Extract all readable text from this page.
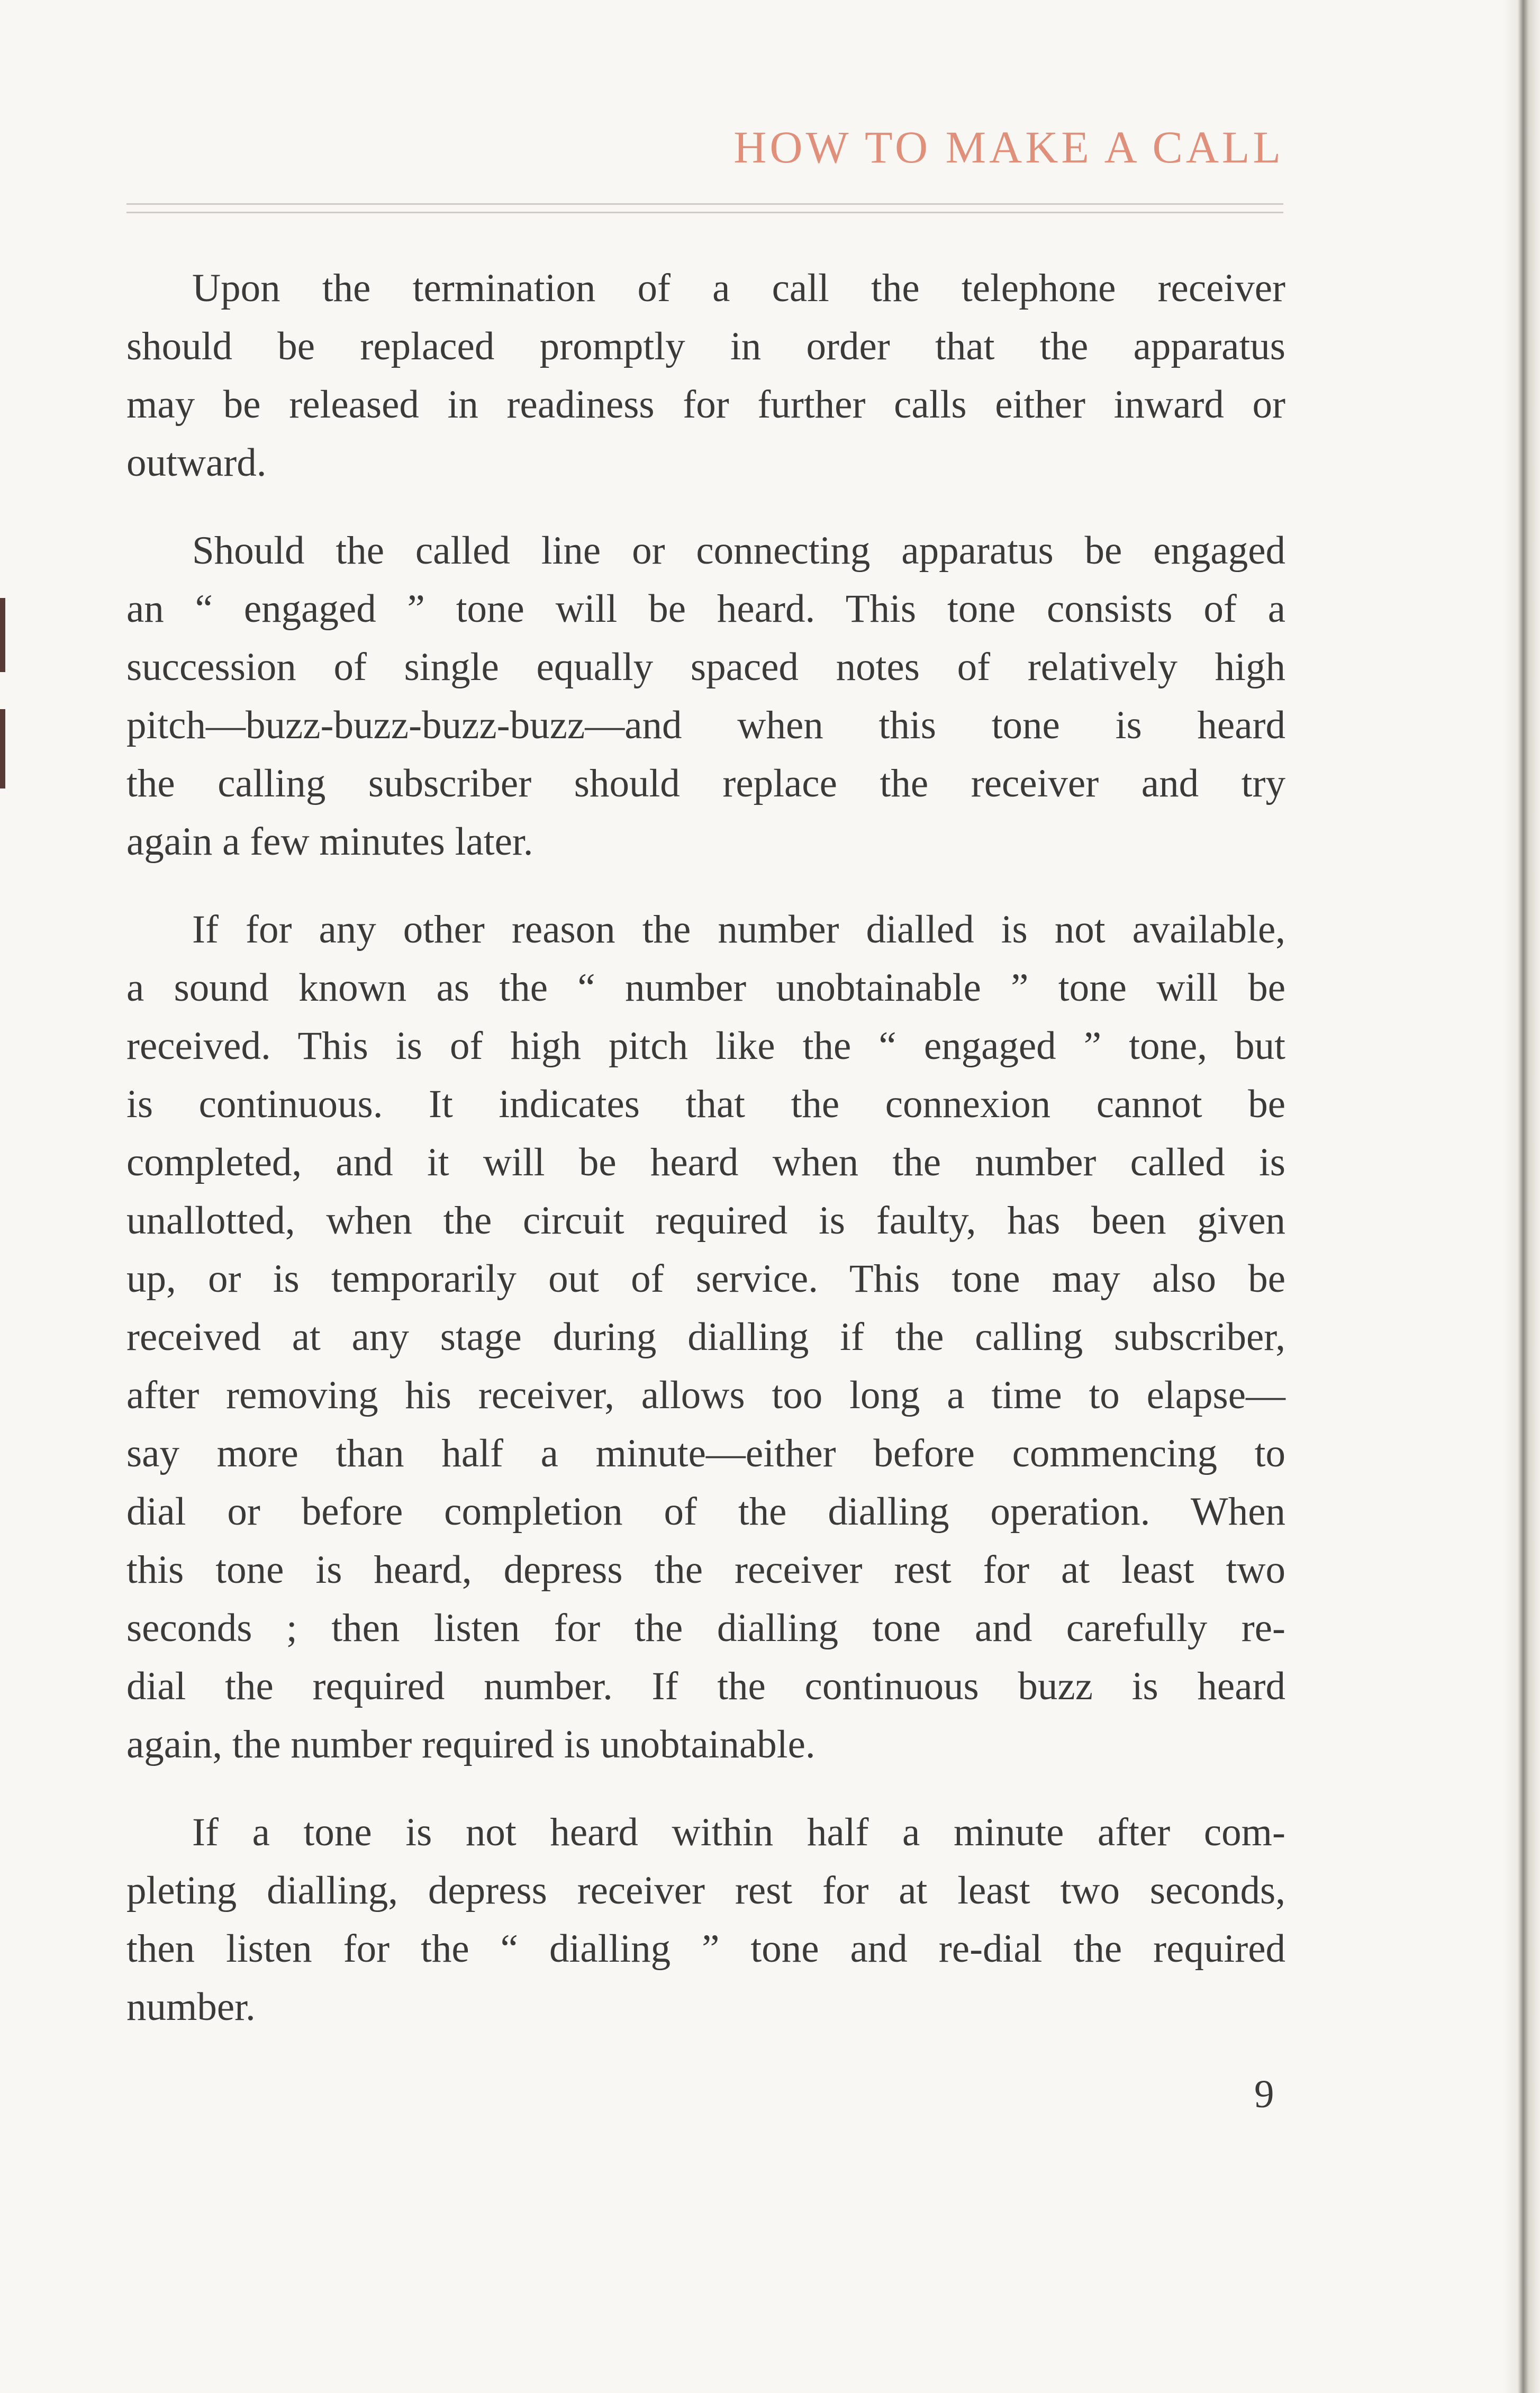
HOW TO MAKE A CALL
Upon the termination of a call the telephone receiver
should be replaced promptly in order that the apparatus
may be released in readiness for further calls either inward or
outward.
Should the called line or connecting apparatus be engaged
an “ engaged ” tone will be heard. This tone consists of a
succession of single equally spaced notes of relatively high
pitch—buzz-buzz-buzz-buzz—and when this tone is heard
the calling subscriber should replace the receiver and try
again a few minutes later.
If for any other reason the number dialled is not available,
a sound known as the “ number unobtainable ” tone will be
received. This is of high pitch like the “ engaged ” tone, but
is continuous. It indicates that the connexion cannot be
completed, and it will be heard when the number called is
unallotted, when the circuit required is faulty, has been given
up, or is temporarily out of service. This tone may also be
received at any stage during dialling if the calling subscriber,
after removing his receiver, allows too long a time to elapse—
say more than half a minute—either before commencing to
dial or before completion of the dialling operation. When
this tone is heard, depress the receiver rest for at least two
seconds ; then listen for the dialling tone and carefully re-
dial the required number. If the continuous buzz is heard
again, the number required is unobtainable.
If a tone is not heard within half a minute after com-
pleting dialling, depress receiver rest for at least two seconds,
then listen for the “ dialling ” tone and re-dial the required
number.
9
